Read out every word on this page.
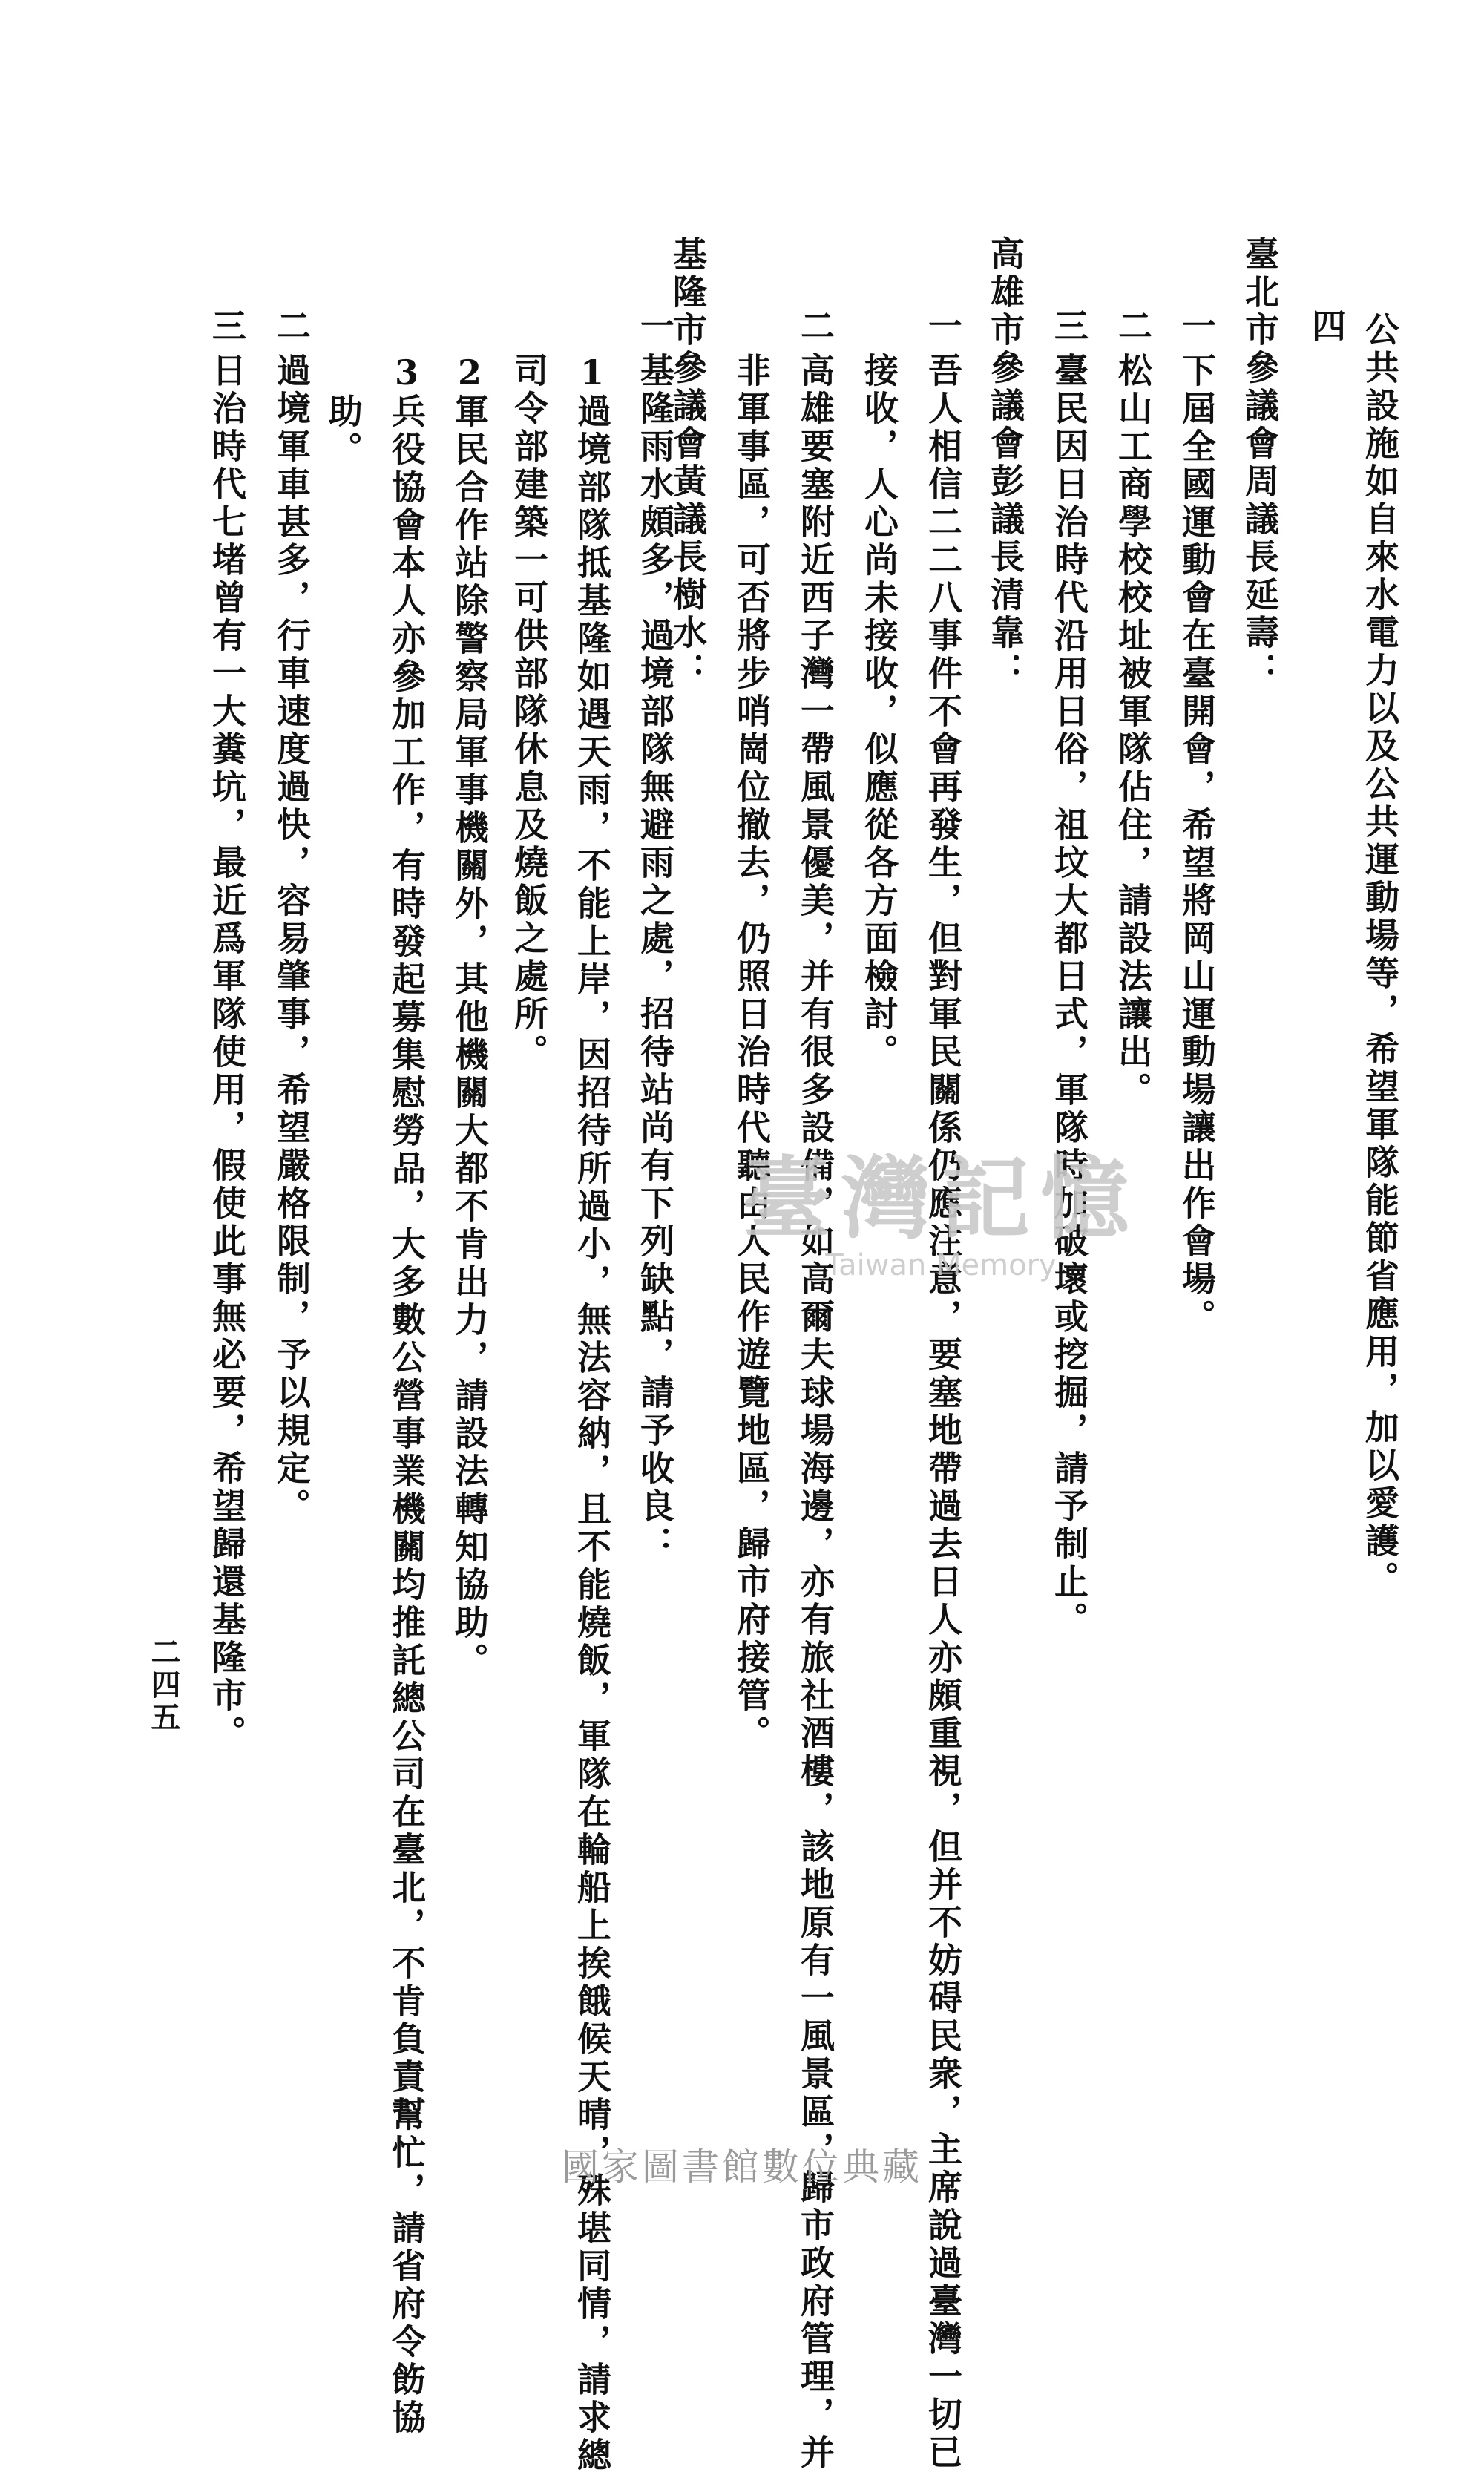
四 公共設施如自來水電力以及公共運動場等，希望軍隊能節省應用，加以愛護。
臺北市參議會周議長延壽：
一
下屆全國運動會在臺開會，希望將岡山運動場讓出作會場。
二
松山工商學校校址被軍隊佔住，請設法讓出。
三
臺民因日治時代沿用日俗，祖坟大都日式，軍隊時加破壞或挖掘，請予制止。
高雄市參議會彭議長清靠：
一
吾人相信二二八事件不會再發生，但對軍民關係仍應注意，要塞地帶過去日人亦頗重視，但并不妨碍民衆，主席說過臺灣一切已
接收，人心尚未接收，似應從各方面檢討。
二
高雄要塞附近西子灣一帶風景優美，并有很多設備，如高爾夫球場海邊，亦有旅社酒樓，該地原有一風景區，歸市政府管理，并
非軍事區，可否將步哨崗位撤去，仍照日治時代聽由人民作遊覽地區，歸市府接管。
基隆市參議會黃議長樹水：
一
基隆雨水頗多，過境部隊無避雨之處，招待站尚有下列缺點，請予收良：
1
過境部隊抵基隆如遇天雨，不能上岸，因招待所過小，無法容納，且不能燒飯，軍隊在輪船上挨餓候天晴，殊堪同情，請求總
司令部建築一可供部隊休息及燒飯之處所。
2
軍民合作站除警察局軍事機關外，其他機關大都不肯出力，請設法轉知協助。
3
兵役協會本人亦參加工作，有時發起募集慰勞品，大多數公營事業機關均推託總公司在臺北，不肯負責幫忙，請省府令飭協
助。
二
過境軍車甚多，行車速度過快，容易肇事，希望嚴格限制，予以規定。
三
日治時代七堵曾有一大糞坑，最近爲軍隊使用，假使此事無必要，希望歸還基隆市。
二四五
臺灣記憶
Taiwan Memory
國家圖書館數位典藏
